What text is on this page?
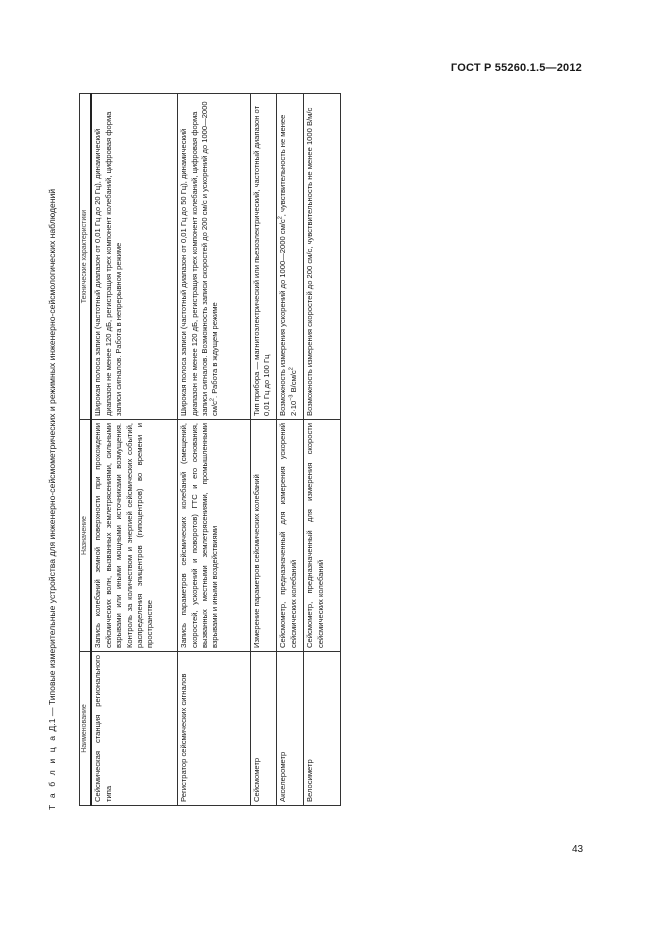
ГОСТ Р 55260.1.5—2012
Т а б л и ц а Д.1 — Типовые измерительные устройства для инженерно-сейсмометрических и режимных инженерно-сейсмологических наблюдений	Наименование	Назначение	Технические характеристики
Сейсмическая станция регионального типа	Запись колебаний земной поверхности при прохождении сейсмических волн, вызванных землетрясениями, сильными взрывами или иными мощными источниками возмущения. Контроль за количеством и энергией сейсмических событий, распределения эпицентров (гипоцентров) во времени и пространстве	Широкая полоса записи (частотный диапазон от 0,01 Гц до 20 Гц), динамический диапазон не менее 120 дБ, регистрация трех компонент колебаний, цифровая форма записи сигналов. Работа в непрерывном режиме
Регистратор сейсмических сигналов	Запись параметров сейсмических колебаний (смещений, скоростей, ускорений и поворотов) ГТС и его основания, вызванных местными землетрясениями, промышленными взрывами и иными воздействиями	Широкая полоса записи (частотный диапазон от 0,01 Гц до 50 Гц), динамический диапазон не менее 120 дБ, регистрация трех компонент колебаний, цифровая форма записи сигналов. Возможность записи скоростей до 200 см/с и ускорений до 1000—2000 $см/с^2$. Работа в ждущем режиме
Сейсмометр	Измерение параметров сейсмических колебаний	Тип прибора — магнитоэлектрический или пьезоэлектрический, частотный диапазон от 0,01 Гц до 100 Гц
Акселерометр	Сейсмометр, предназначенный для измерения ускорений сейсмических колебаний	Возможность измерения ускорений до 1000—2000 $см/с^2$, чувствительность не менее $2\cdot 10^{-3}$ $В/см/с^2$
Велосиметр	Сейсмометр, предназначенный для измерения скорости сейсмических колебаний	Возможность измерения скоростей до 200 см/с, чувствительность не менее 1000 В/м/с
43
